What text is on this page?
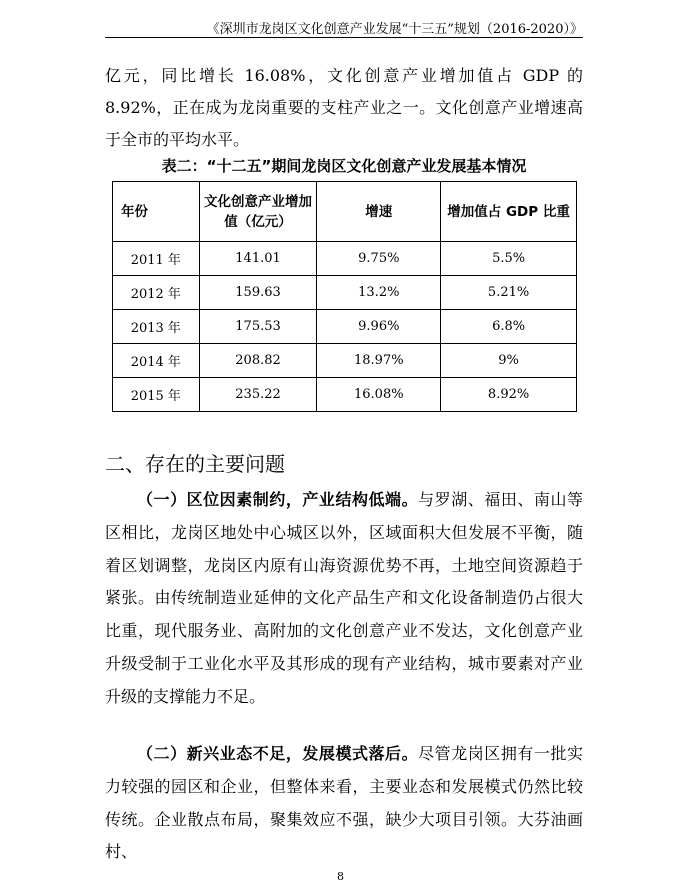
《深圳市龙岗区文化创意产业发展“十三五”规划（2016-2020）》

亿元，同比增长 16.08%，文化创意产业增加值占 GDP 的 8.92%，正在成为龙岗重要的支柱产业之一。文化创意产业增速高于全市的平均水平。

表二：“十二五”期间龙岗区文化创意产业发展基本情况
年份	文化创意产业增加值（亿元）	增速	增加值占 GDP 比重
2011 年	141.01	9.75%	5.5%
2012 年	159.63	13.2%	5.21%
2013 年	175.53	9.96%	6.8%
2014 年	208.82	18.97%	9%
2015 年	235.22	16.08%	8.92%
二、存在的主要问题

（一）区位因素制约，产业结构低端。与罗湖、福田、南山等区相比，龙岗区地处中心城区以外，区域面积大但发展不平衡，随着区划调整，龙岗区内原有山海资源优势不再，土地空间资源趋于紧张。由传统制造业延伸的文化产品生产和文化设备制造仍占很大比重，现代服务业、高附加的文化创意产业不发达，文化创意产业升级受制于工业化水平及其形成的现有产业结构，城市要素对产业升级的支撑能力不足。

（二）新兴业态不足，发展模式落后。尽管龙岗区拥有一批实力较强的园区和企业，但整体来看，主要业态和发展模式仍然比较传统。企业散点布局，聚集效应不强，缺少大项目引领。大芬油画村、

8
